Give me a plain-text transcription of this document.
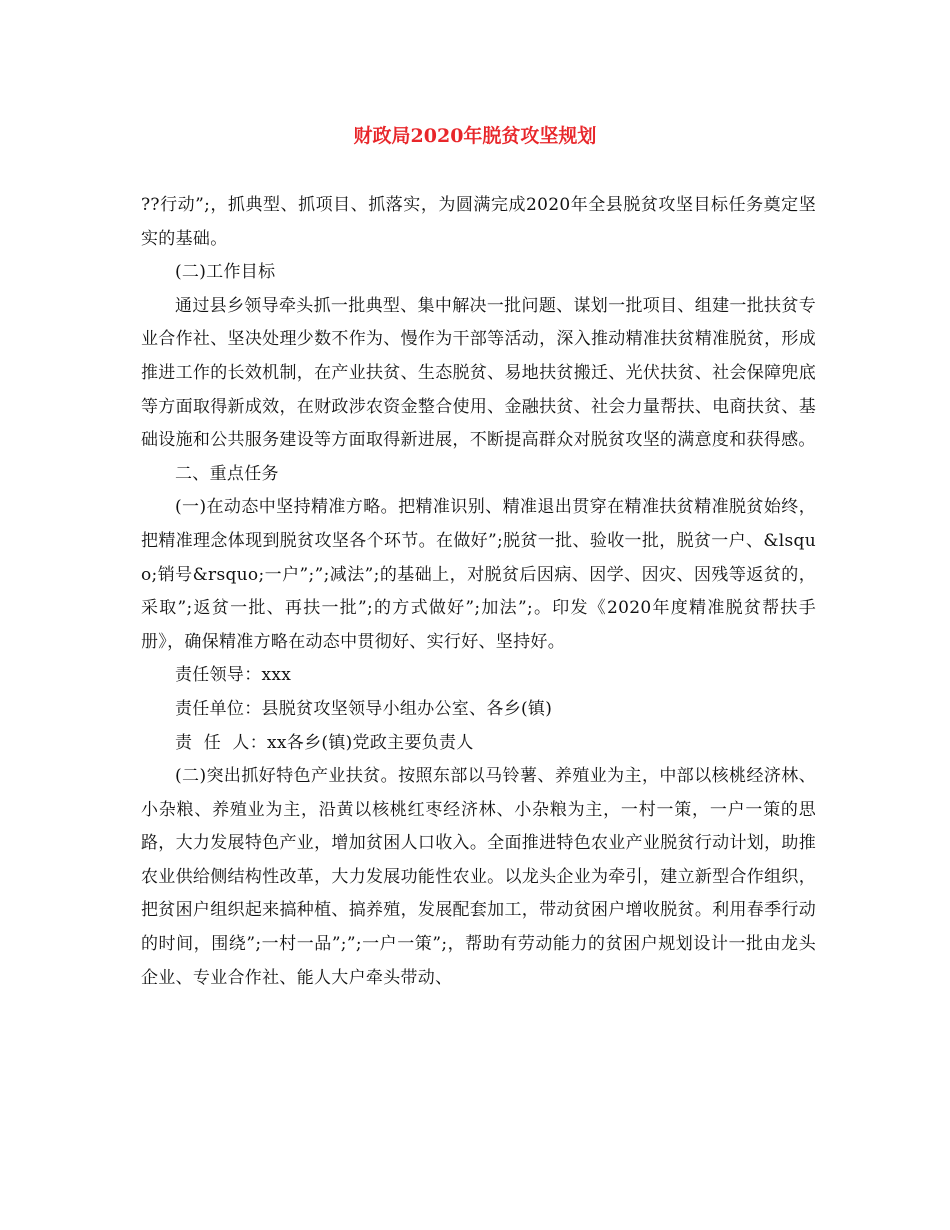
财政局2020年脱贫攻坚规划

??行动”;，抓典型、抓项目、抓落实，为圆满完成2020年全县脱贫攻坚目标任务奠定坚实的基础。

(二)工作目标

通过县乡领导牵头抓一批典型、集中解决一批问题、谋划一批项目、组建一批扶贫专业合作社、坚决处理少数不作为、慢作为干部等活动，深入推动精准扶贫精准脱贫，形成推进工作的长效机制，在产业扶贫、生态脱贫、易地扶贫搬迁、光伏扶贫、社会保障兜底等方面取得新成效，在财政涉农资金整合使用、金融扶贫、社会力量帮扶、电商扶贫、基础设施和公共服务建设等方面取得新进展，不断提高群众对脱贫攻坚的满意度和获得感。

二、重点任务

(一)在动态中坚持精准方略。把精准识别、精准退出贯穿在精准扶贫精准脱贫始终，把精准理念体现到脱贫攻坚各个环节。在做好”;脱贫一批、验收一批，脱贫一户、&lsquo;销号&rsquo;一户”;”;减法”;的基础上，对脱贫后因病、因学、因灾、因残等返贫的，采取”;返贫一批、再扶一批”;的方式做好”;加法”;。印发《2020年度精准脱贫帮扶手册》，确保精准方略在动态中贯彻好、实行好、坚持好。

责任领导：xxx

责任单位：县脱贫攻坚领导小组办公室、各乡(镇)

责  任  人：xx各乡(镇)党政主要负责人

(二)突出抓好特色产业扶贫。按照东部以马铃薯、养殖业为主，中部以核桃经济林、小杂粮、养殖业为主，沿黄以核桃红枣经济林、小杂粮为主，一村一策，一户一策的思路，大力发展特色产业，增加贫困人口收入。全面推进特色农业产业脱贫行动计划，助推农业供给侧结构性改革，大力发展功能性农业。以龙头企业为牵引，建立新型合作组织，把贫困户组织起来搞种植、搞养殖，发展配套加工，带动贫困户增收脱贫。利用春季行动的时间，围绕”;一村一品”;”;一户一策”;，帮助有劳动能力的贫困户规划设计一批由龙头企业、专业合作社、能人大户牵头带动、
